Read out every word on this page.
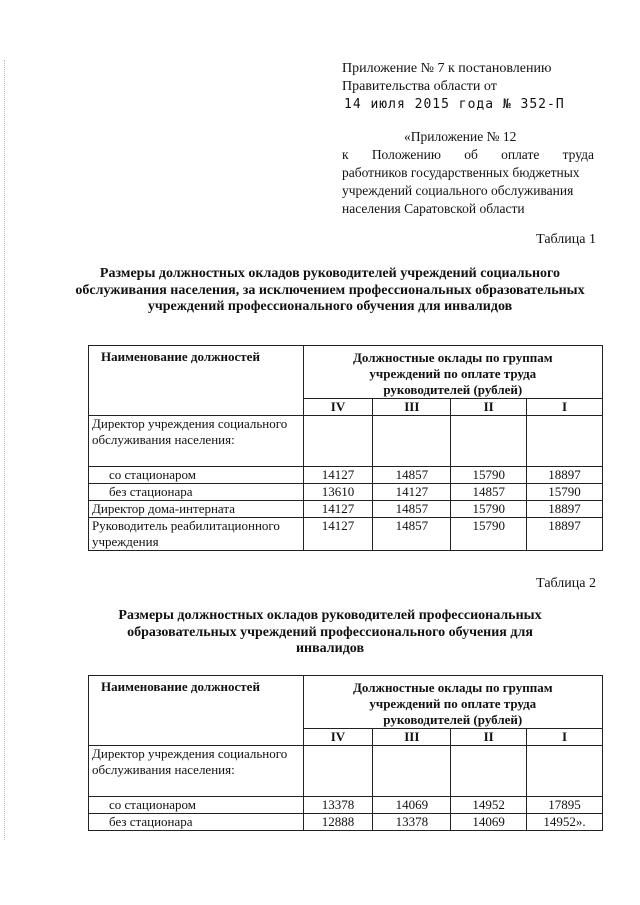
Приложение № 7 к постановлению
Правительства области от
14 июля 2015 года № 352-П
«Приложение № 12
к Положению об оплате труда
работников государственных бюджетных
учреждений социального обслуживания
населения Саратовской области
Таблица 1
Размеры должностных окладов руководителей учреждений социального обслуживания населения, за исключением профессиональных образовательных учреждений профессионального обучения для инвалидов
Наименование должностей	Должностные оклады по группам учреждений по оплате труда руководителей (рублей)			
	IV	III	II	I
Директор учреждения социального обслуживания населения:				
со стационаром	14127	14857	15790	18897
без стационара	13610	14127	14857	15790
Директор дома-интерната	14127	14857	15790	18897
Руководитель реабилитационного учреждения	14127	14857	15790	18897
Таблица 2
Размеры должностных окладов руководителей профессиональных образовательных учреждений профессионального обучения для инвалидов
Наименование должностей	Должностные оклады по группам учреждений по оплате труда руководителей (рублей)			
	IV	III	II	I
Директор учреждения социального обслуживания населения:				
со стационаром	13378	14069	14952	17895
без стационара	12888	13378	14069	14952».
